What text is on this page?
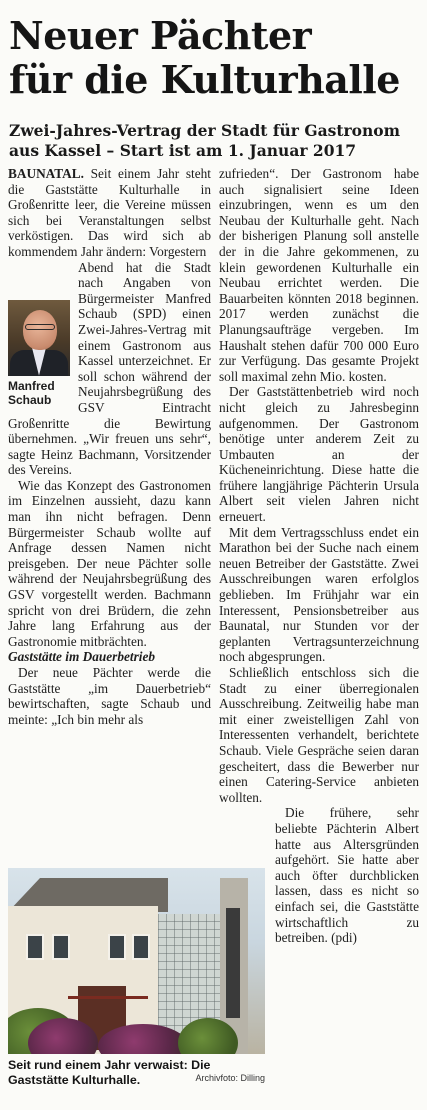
Neuer Pächter
für die Kulturhalle
Zwei-Jahres-Vertrag der Stadt für Gastronom
aus Kassel – Start ist am 1. Januar 2017

BAUNATAL. Seit einem Jahr steht die Gaststätte Kulturhalle in Großenritte leer, die Vereine müssen sich bei Veranstaltungen selbst verköstigen. Das wird sich ab kommendem Jahr ändern: Vorgestern

Manfred
Schaub

Abend hat die Stadt nach Angaben von Bürgermeister Manfred Schaub (SPD) einen Zwei-Jahres-Vertrag mit einem Gastronom aus Kassel unterzeichnet. Er soll schon während der Neujahrsbegrüßung des GSV Eintracht Großenritte die Bewirtung übernehmen. „Wir freuen uns sehr“, sagte Heinz Bachmann, Vorsitzender des Vereins.

Wie das Konzept des Gastronomen im Einzelnen aussieht, dazu kann man ihn nicht befragen. Denn Bürgermeister Schaub wollte auf Anfrage dessen Namen nicht preisgeben. Der neue Pächter solle während der Neujahrsbegrüßung des GSV vorgestellt werden. Bachmann spricht von drei Brüdern, die zehn Jahre lang Erfahrung aus der Gastronomie mitbrächten.

Gaststätte im Dauerbetrieb

Der neue Pächter werde die Gaststätte „im Dauerbetrieb“ bewirtschaften, sagte Schaub und meinte: „Ich bin mehr als

zufrieden“. Der Gastronom habe auch signalisiert seine Ideen einzubringen, wenn es um den Neubau der Kulturhalle geht. Nach der bisherigen Planung soll anstelle der in die Jahre gekommenen, zu klein gewordenen Kulturhalle ein Neubau errichtet werden. Die Bauarbeiten könnten 2018 beginnen. 2017 werden zunächst die Planungsaufträge vergeben. Im Haushalt stehen dafür 700 000 Euro zur Verfügung. Das gesamte Projekt soll maximal zehn Mio. kosten.

Der Gaststättenbetrieb wird noch nicht gleich zu Jahresbeginn aufgenommen. Der Gastronom benötige unter anderem Zeit zu Umbauten an der Kücheneinrichtung. Diese hatte die frühere langjährige Pächterin Ursula Albert seit vielen Jahren nicht erneuert.

Mit dem Vertragsschluss endet ein Marathon bei der Suche nach einem neuen Betreiber der Gaststätte. Zwei Ausschreibungen waren erfolglos geblieben. Im Frühjahr war ein Interessent, Pensionsbetreiber aus Baunatal, nur Stunden vor der geplanten Vertragsunterzeichnung noch abgesprungen.

Schließlich entschloss sich die Stadt zu einer überregionalen Ausschreibung. Zeitweilig habe man mit einer zweistelligen Zahl von Interessenten verhandelt, berichtete Schaub. Viele Gespräche seien daran gescheitert, dass die Bewerber nur einen Catering-Service anbieten wollten.

Die frühere, sehr beliebte Pächterin Albert hatte aus Altersgründen aufgehört. Sie hatte aber auch öfter durchblicken lassen, dass es nicht so einfach sei, die Gaststätte wirtschaftlich zu betreiben. (pdi)

Seit rund einem Jahr verwaist: Die Gaststätte Kulturhalle.	Archivfoto: Dilling
